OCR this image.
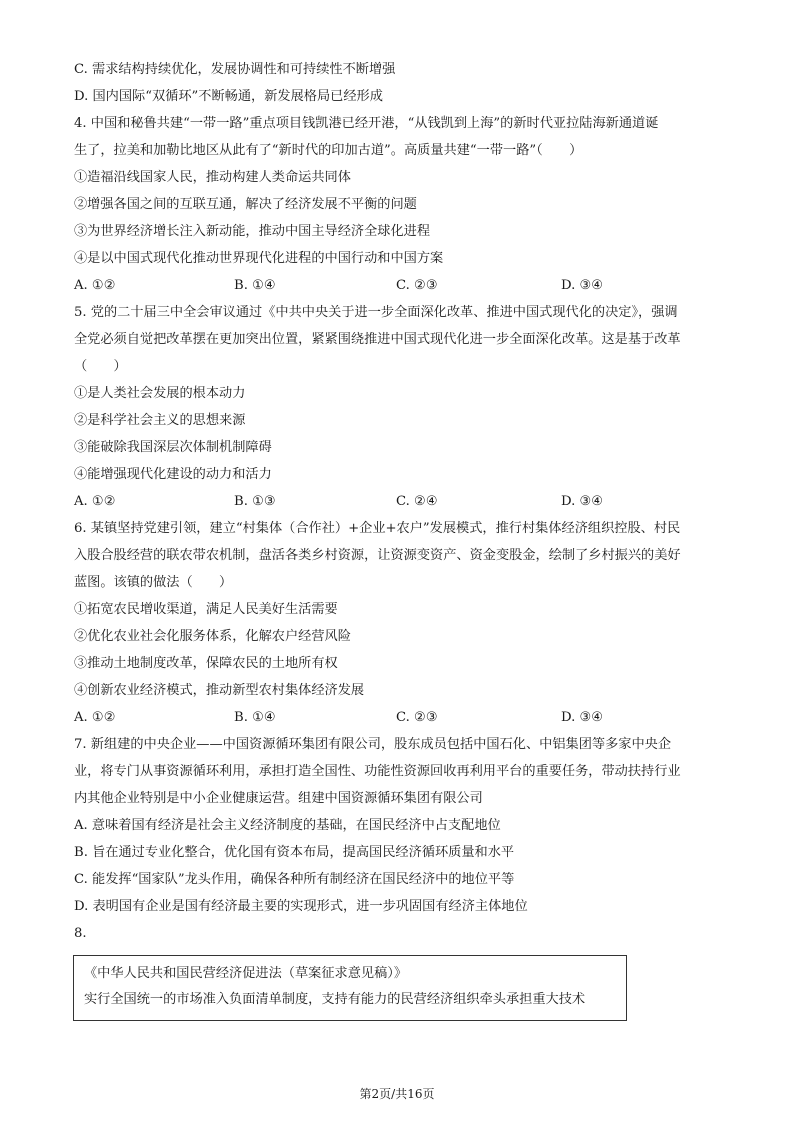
C. 需求结构持续优化，发展协调性和可持续性不断增强
D. 国内国际“双循环”不断畅通，新发展格局已经形成
4. 中国和秘鲁共建“一带一路”重点项目钱凯港已经开港，“从钱凯到上海”的新时代亚拉陆海新通道诞
生了，拉美和加勒比地区从此有了“新时代的印加古道”。高质量共建“一带一路”（　　）
①造福沿线国家人民，推动构建人类命运共同体
②增强各国之间的互联互通，解决了经济发展不平衡的问题
③为世界经济增长注入新动能，推动中国主导经济全球化进程
④是以中国式现代化推动世界现代化进程的中国行动和中国方案
A. ①②	B. ①④	C. ②③	D. ③④
5. 党的二十届三中全会审议通过《中共中央关于进一步全面深化改革、推进中国式现代化的决定》，强调
全党必须自觉把改革摆在更加突出位置，紧紧围绕推进中国式现代化进一步全面深化改革。这是基于改革
（　　）
①是人类社会发展的根本动力
②是科学社会主义的思想来源
③能破除我国深层次体制机制障碍
④能增强现代化建设的动力和活力
A. ①②	B. ①③	C. ②④	D. ③④
6. 某镇坚持党建引领，建立“村集体（合作社）+企业+农户”发展模式，推行村集体经济组织控股、村民
入股合股经营的联农带农机制，盘活各类乡村资源，让资源变资产、资金变股金，绘制了乡村振兴的美好
蓝图。该镇的做法（　　）
①拓宽农民增收渠道，满足人民美好生活需要
②优化农业社会化服务体系，化解农户经营风险
③推动土地制度改革，保障农民的土地所有权
④创新农业经济模式，推动新型农村集体经济发展
A. ①②	B. ①④	C. ②③	D. ③④
7. 新组建的中央企业——中国资源循环集团有限公司，股东成员包括中国石化、中铝集团等多家中央企
业，将专门从事资源循环利用，承担打造全国性、功能性资源回收再利用平台的重要任务，带动扶持行业
内其他企业特别是中小企业健康运营。组建中国资源循环集团有限公司
A. 意味着国有经济是社会主义经济制度的基础，在国民经济中占支配地位
B. 旨在通过专业化整合，优化国有资本布局，提高国民经济循环质量和水平
C. 能发挥“国家队”龙头作用，确保各种所有制经济在国民经济中的地位平等
D. 表明国有企业是国有经济最主要的实现形式，进一步巩固国有经济主体地位
8.
《中华人民共和国民营经济促进法（草案征求意见稿）》
实行全国统一的市场准入负面清单制度，支持有能力的民营经济组织牵头承担重大技术
第2页/共16页
